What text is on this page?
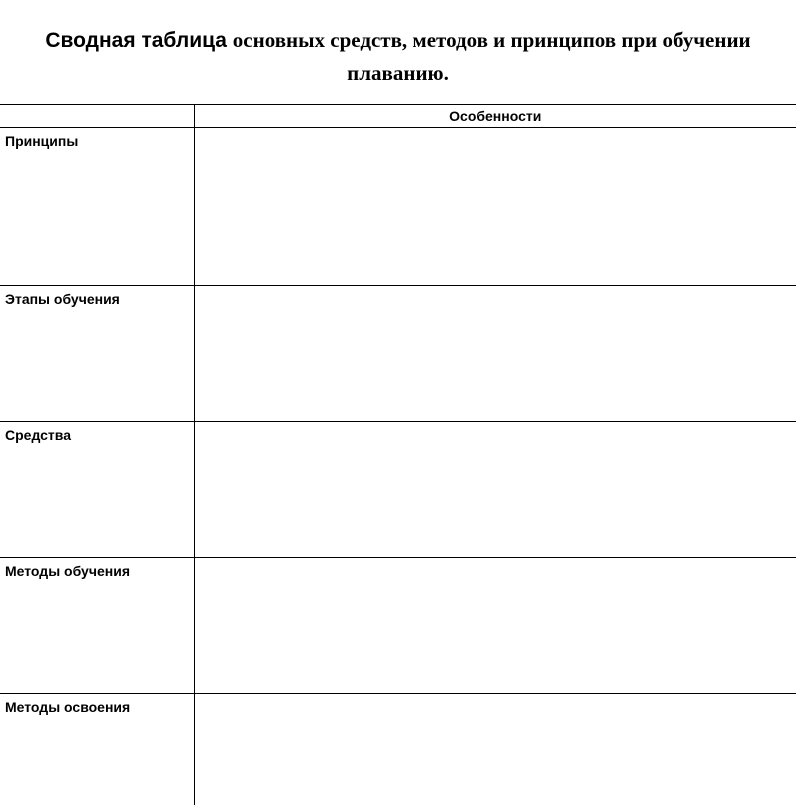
Сводная таблица основных средств, методов и принципов при обучении
плаванию.
	Особенности
Принципы	
Этапы обучения	
Средства	
Методы обучения	
Методы освоения	
